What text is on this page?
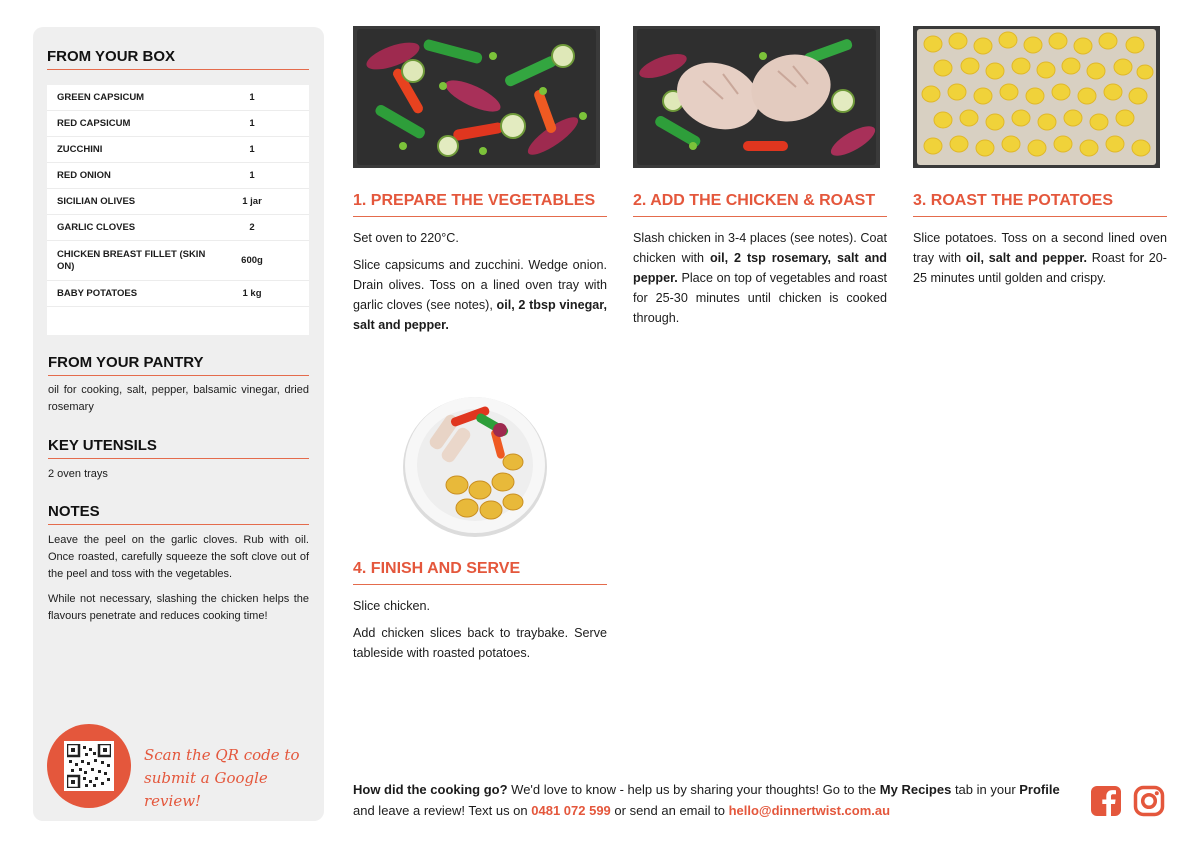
FROM YOUR BOX
GREEN CAPSICUM	1
RED CAPSICUM	1
ZUCCHINI	1
RED ONION	1
SICILIAN OLIVES	1 jar
GARLIC CLOVES	2
CHICKEN BREAST FILLET (SKIN ON)	600g
BABY POTATOES	1 kg
FROM YOUR PANTRY
oil for cooking, salt, pepper, balsamic vinegar, dried rosemary
KEY UTENSILS
2 oven trays
NOTES
Leave the peel on the garlic cloves. Rub with oil. Once roasted, carefully squeeze the soft clove out of the peel and toss with the vegetables.
While not necessary, slashing the chicken helps the flavours penetrate and reduces cooking time!
Scan the QR code to submit a Google review!
1. PREPARE THE VEGETABLES
Set oven to 220°C.
Slice capsicums and zucchini. Wedge onion. Drain olives. Toss on a lined oven tray with garlic cloves (see notes), oil, 2 tbsp vinegar, salt and pepper.
2. ADD THE CHICKEN & ROAST
Slash chicken in 3-4 places (see notes). Coat chicken with oil, 2 tsp rosemary, salt and pepper. Place on top of vegetables and roast for 25-30 minutes until chicken is cooked through.
3. ROAST THE POTATOES
Slice potatoes. Toss on a second lined oven tray with oil, salt and pepper. Roast for 20-25 minutes until golden and crispy.
4. FINISH AND SERVE
Slice chicken.
Add chicken slices back to traybake. Serve tableside with roasted potatoes.
How did the cooking go? We'd love to know - help us by sharing your thoughts! Go to the My Recipes tab in your Profile and leave a review! Text us on 0481 072 599 or send an email to hello@dinnertwist.com.au
